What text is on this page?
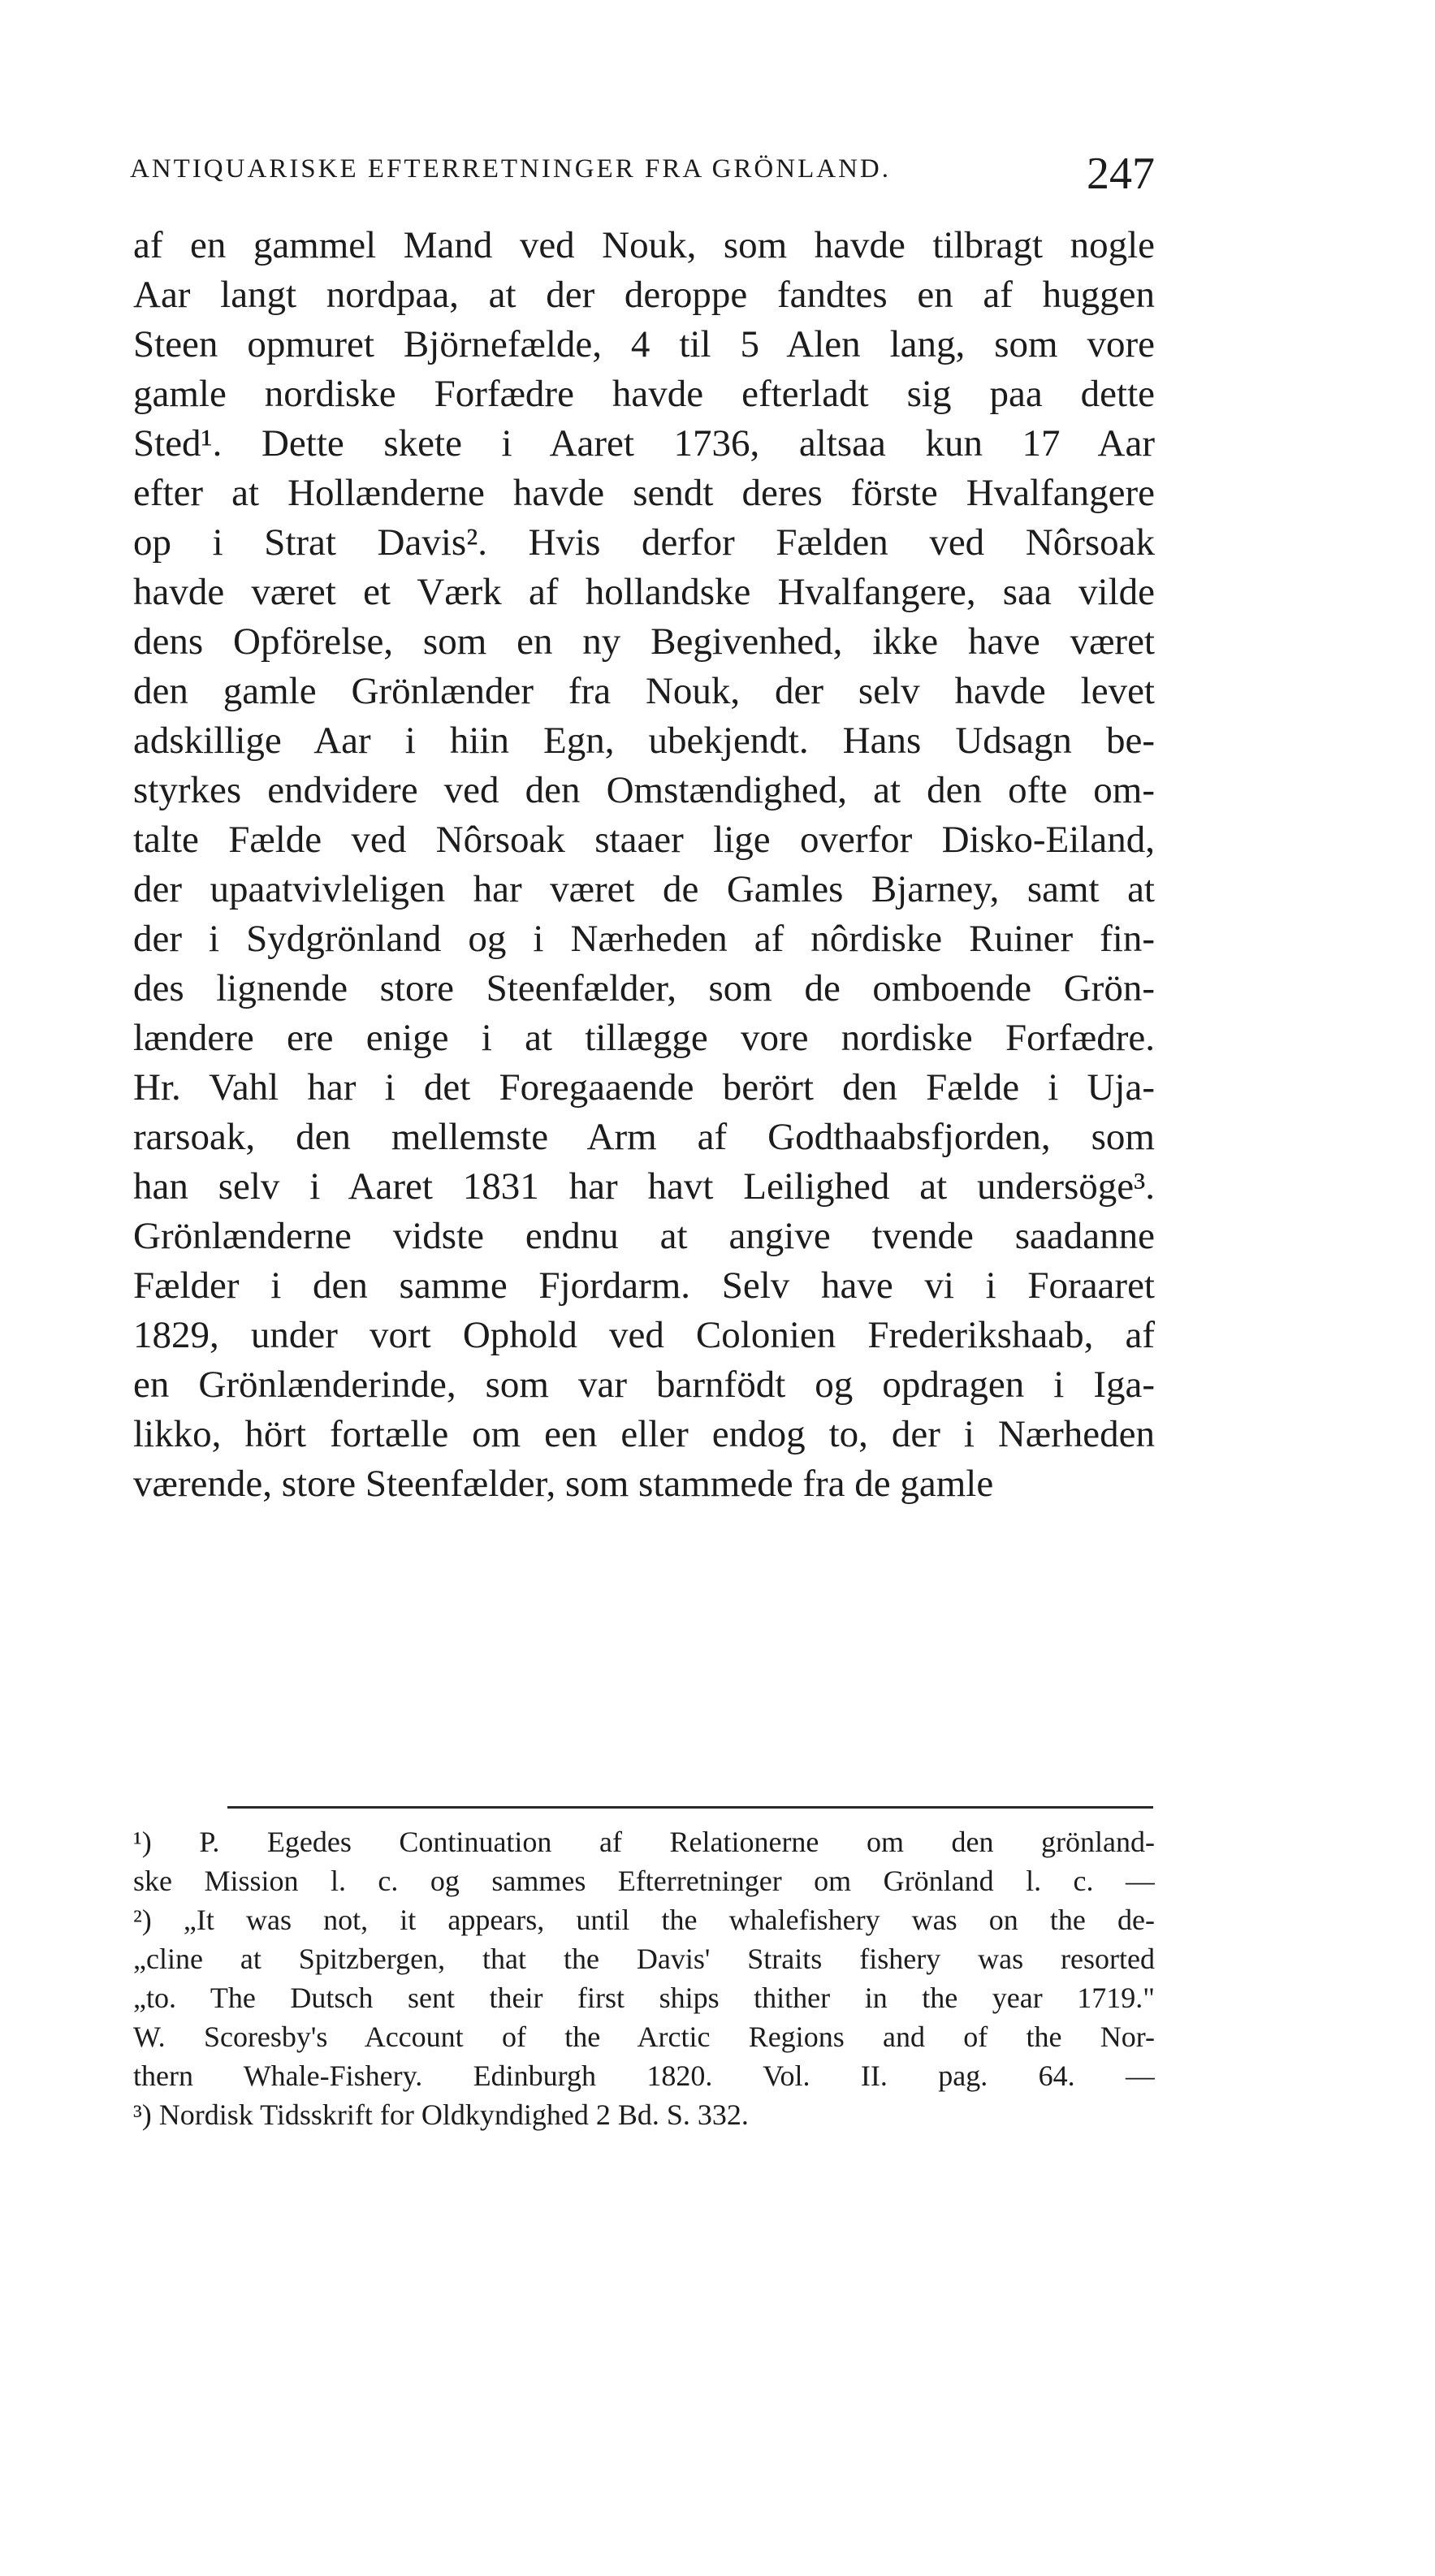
ANTIQUARISKE EFTERRETNINGER FRA GRÖNLAND.	247
af en gammel Mand ved Nouk, som havde tilbragt nogle
Aar langt nordpaa, at der deroppe fandtes en af huggen
Steen opmuret Björnefælde, 4 til 5 Alen lang, som vore
gamle nordiske Forfædre havde efterladt sig paa dette
Sted¹. Dette skete i Aaret 1736, altsaa kun 17 Aar
efter at Hollænderne havde sendt deres förste Hvalfangere
op i Strat Davis². Hvis derfor Fælden ved Nôrsoak
havde været et Værk af hollandske Hvalfangere, saa vilde
dens Opförelse, som en ny Begivenhed, ikke have været
den gamle Grönlænder fra Nouk, der selv havde levet
adskillige Aar i hiin Egn, ubekjendt. Hans Udsagn be-
styrkes endvidere ved den Omstændighed, at den ofte om-
talte Fælde ved Nôrsoak staaer lige overfor Disko-Eiland,
der upaatvivleligen har været de Gamles Bjarney, samt at
der i Sydgrönland og i Nærheden af nôrdiske Ruiner fin-
des lignende store Steenfælder, som de omboende Grön-
lændere ere enige i at tillægge vore nordiske Forfædre.
Hr. Vahl har i det Foregaaende berört den Fælde i Uja-
rarsoak, den mellemste Arm af Godthaabsfjorden, som
han selv i Aaret 1831 har havt Leilighed at undersöge³.
Grönlænderne vidste endnu at angive tvende saadanne
Fælder i den samme Fjordarm. Selv have vi i Foraaret
1829, under vort Ophold ved Colonien Frederikshaab, af
en Grönlænderinde, som var barnfödt og opdragen i Iga-
likko, hört fortælle om een eller endog to, der i Nærheden
værende, store Steenfælder, som stammede fra de gamle
¹) P. Egedes Continuation af Relationerne om den grönland-
ske Mission l. c. og sammes Efterretninger om Grönland l. c. —
²) „It was not, it appears, until the whalefishery was on the de-
„cline at Spitzbergen, that the Davis' Straits fishery was resorted
„to. The Dutsch sent their first ships thither in the year 1719."
W. Scoresby's Account of the Arctic Regions and of the Nor-
thern Whale-Fishery. Edinburgh 1820. Vol. II. pag. 64. —
³) Nordisk Tidsskrift for Oldkyndighed 2 Bd. S. 332.
